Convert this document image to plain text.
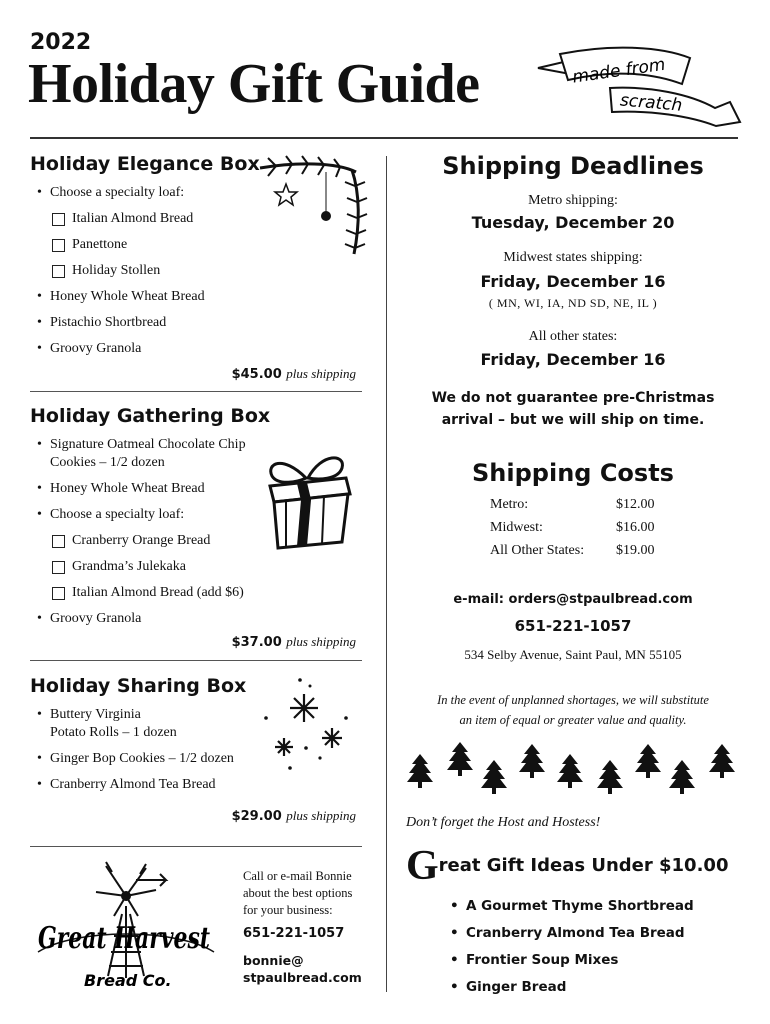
2022
Holiday Gift Guide	made from
scratch
Holiday Elegance Box
• Choose a specialty loaf:
Italian Almond Bread
Panettone
Holiday Stollen
• Honey Whole Wheat Bread
• Pistachio Shortbread
• Groovy Granola
$45.00 plus shipping
Holiday Gathering Box
• Signature Oatmeal Chocolate Chip
Cookies – 1/2 dozen
• Honey Whole Wheat Bread
• Choose a specialty loaf:
Cranberry Orange Bread
Grandma’s Julekaka
Italian Almond Bread (add $6)
• Groovy Granola
$37.00 plus shipping
Holiday Sharing Box
• Buttery Virginia
Potato Rolls – 1 dozen
• Ginger Bop Cookies – 1/2 dozen
• Cranberry Almond Tea Bread
$29.00 plus shipping
Great Harvest
Bread Co.
Call or e-mail Bonnie
about the best options
for your business:
651-221-1057
bonnie@
stpaulbread.com
Shipping Deadlines
Metro shipping:
Tuesday, December 20
Midwest states shipping:
Friday, December 16
( MN, WI, IA, ND SD, NE, IL )
All other states:
Friday, December 16
We do not guarantee pre-Christmas
arrival – but we will ship on time.
Shipping Costs
Metro:	$12.00
Midwest:	$16.00
All Other States: $19.00
e-mail: orders@stpaulbread.com
651-221-1057
534 Selby Avenue, Saint Paul, MN 55105
In the event of unplanned shortages, we will substitute
an item of equal or greater value and quality.
Don’t forget the Host and Hostess!
Great Gift Ideas Under $10.00
• A Gourmet Thyme Shortbread
• Cranberry Almond Tea Bread
• Frontier Soup Mixes
• Ginger Bread
